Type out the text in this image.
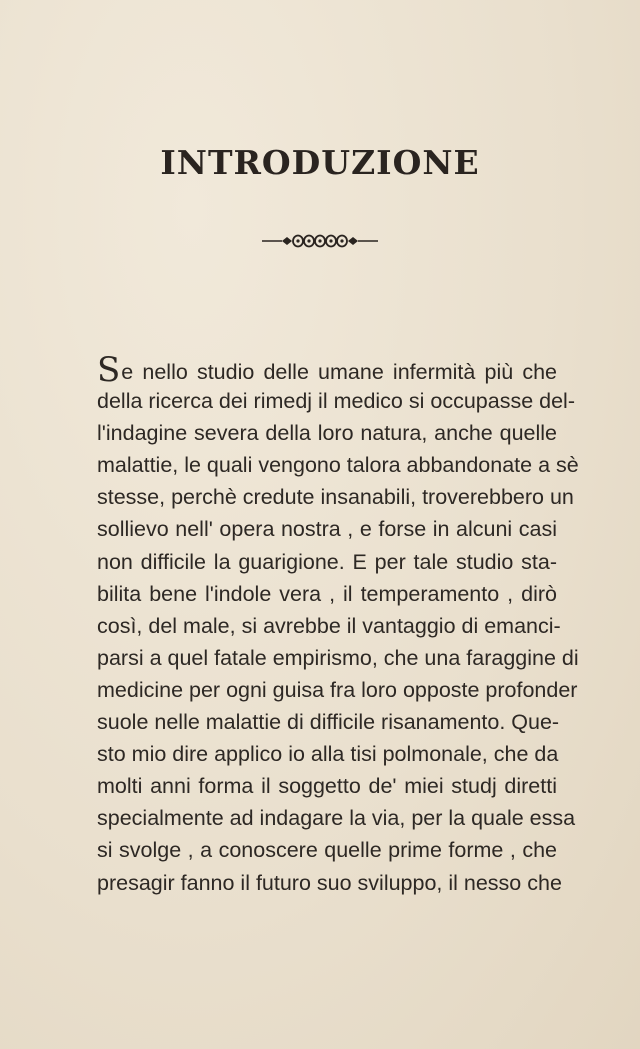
INTRODUZIONE
Se nello studio delle umane infermità più che
della ricerca dei rimedj il medico si occupasse del-
l'indagine severa della loro natura, anche quelle
malattie, le quali vengono talora abbandonate a sè
stesse, perchè credute insanabili, troverebbero un
sollievo nell' opera nostra , e forse in alcuni casi
non difficile la guarigione. E per tale studio sta-
bilita bene l'indole vera , il temperamento , dirò
così, del male, si avrebbe il vantaggio di emanci-
parsi a quel fatale empirismo, che una faraggine di
medicine per ogni guisa fra loro opposte profonder
suole nelle malattie di difficile risanamento. Que-
sto mio dire applico io alla tisi polmonale, che da
molti anni forma il soggetto de' miei studj diretti
specialmente ad indagare la via, per la quale essa
si svolge , a conoscere quelle prime forme , che
presagir fanno il futuro suo sviluppo, il nesso che
